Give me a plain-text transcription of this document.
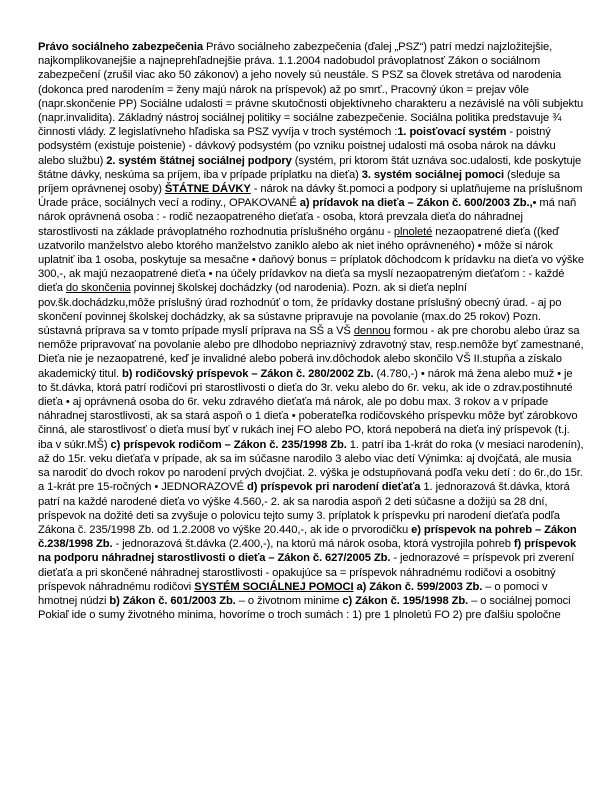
Právo sociálneho zabezpečenia Právo sociálneho zabezpečenia (ďalej „PSZ“) patrí medzi najzložitejšie, najkomplikovanejšie a najneprehľadnejšie práva. 1.1.2004 nadobudol právoplatnosť Zákon o sociálnom zabezpečení (zrušil viac ako 50 zákonov) a jeho novely sú neustále. S PSZ sa človek stretáva od narodenia (dokonca pred narodením = ženy majú nárok na príspevok) až po smrť., Pracovný úkon = prejav vôle (napr.skončenie PP) Sociálne udalosti = právne skutočnosti objektívneho charakteru a nezávislé na vôli subjektu (napr.invalidita). Základný nástroj sociálnej politiky = sociálne zabezpečenie. Sociálna politika predstavuje ¾ činnosti vlády. Z legislatívneho hľadiska sa PSZ vyvíja v troch systémoch :1. poisťovací systém - poistný podsystém (existuje poistenie) - dávkový podsystém (po vzniku poistnej udalosti má osoba nárok na dávku alebo službu) 2. systém štátnej sociálnej podpory (systém, pri ktorom štát uznáva soc.udalosti, kde poskytuje štátne dávky, neskúma sa príjem, iba v prípade príplatku na dieťa) 3. systém sociálnej pomoci (sleduje sa príjem oprávnenej osoby) ŠTÁTNE DÁVKY - nárok na dávky št.pomoci a podpory si uplatňujeme na príslušnom Úrade práce, sociálnych vecí a rodiny., OPAKOVANÉ a) prídavok na dieťa – Zákon č. 600/2003 Zb.,• má naň nárok oprávnená osoba : - rodič nezaopatreného dieťaťa - osoba, ktorá prevzala dieťa do náhradnej starostlivosti na základe právoplatného rozhodnutia príslušného orgánu - plnoleté nezaopatrené dieťa ((keď uzatvorilo manželstvo alebo ktorého manželstvo zaniklo alebo ak niet iného oprávneného) • môže si nárok uplatniť iba 1 osoba, poskytuje sa mesačne • daňový bonus = príplatok dôchodcom k prídavku na dieťa vo výške 300,-, ak majú nezaopatrené dieťa • na účely prídavkov na dieťa sa myslí nezaopatreným dieťaťom : - každé dieťa do skončenia povinnej školskej dochádzky (od narodenia). Pozn. ak si dieťa neplní pov.šk.dochádzku,môže príslušný úrad rozhodnúť o tom, že prídavky dostane príslušný obecný úrad. - aj po skončení povinnej školskej dochádzky, ak sa sústavne pripravuje na povolanie (max.do 25 rokov) Pozn. sústavná príprava sa v tomto prípade myslí príprava na SŠ a VŠ dennou formou - ak pre chorobu alebo úraz sa nemôže pripravovať na povolanie alebo pre dlhodobo nepriaznivý zdravotný stav, resp.nemôže byť zamestnané, Dieťa nie je nezaopatrené, keď je invalidné alebo poberá inv.dôchodok alebo skončilo VŠ II.stupňa a získalo akademický titul. b) rodičovský príspevok – Zákon č. 280/2002 Zb. (4.780,-) • nárok má žena alebo muž • je to št.dávka, ktorá patrí rodičovi pri starostlivosti o dieťa do 3r. veku alebo do 6r. veku, ak ide o zdrav.postihnuté dieťa • aj oprávnená osoba do 6r. veku zdravého dieťaťa má nárok, ale po dobu max. 3 rokov a v prípade náhradnej starostlivosti, ak sa stará aspoň o 1 dieťa • poberateľka rodičovského príspevku môže byť zárobkovo činná, ale starostlivosť o dieťa musí byť v rukách inej FO alebo PO, ktorá nepoberá na dieťa iný príspevok (t.j. iba v súkr.MŠ) c) príspevok rodičom – Zákon č. 235/1998 Zb. 1. patrí iba 1-krát do roka (v mesiaci narodenín), až do 15r. veku dieťaťa v prípade, ak sa im súčasne narodilo 3 alebo viac detí Výnimka: aj dvojčatá, ale musia sa narodiť do dvoch rokov po narodení prvých dvojčiat. 2. výška je odstupňovaná podľa veku detí : do 6r.,do 15r. a 1-krát pre 15-ročných • JEDNORAZOVÉ d) príspevok pri narodení dieťaťa 1. jednorazová št.dávka, ktorá patrí na každé narodené dieťa vo výške 4.560,- 2. ak sa narodia aspoň 2 deti súčasne a dožijú sa 28 dní, príspevok na dožité deti sa zvyšuje o polovicu tejto sumy 3. príplatok k príspevku pri narodení dieťaťa podľa Zákona č. 235/1998 Zb. od 1.2.2008 vo výške 20.440,-, ak ide o prvorodičku e) príspevok na pohreb – Zákon č.238/1998 Zb. - jednorazová št.dávka (2.400,-), na ktorú má nárok osoba, ktorá vystrojila pohreb f) príspevok na podporu náhradnej starostlivosti o dieťa – Zákon č. 627/2005 Zb. - jednorazové = príspevok pri zverení dieťaťa a pri skončené náhradnej starostlivosti - opakujúce sa = príspevok náhradnému rodičovi a osobitný príspevok náhradnému rodičovi SYSTÉM SOCIÁLNEJ POMOCI a) Zákon č. 599/2003 Zb. – o pomoci v hmotnej núdzi b) Zákon č. 601/2003 Zb. – o životnom minime c) Zákon č. 195/1998 Zb. – o sociálnej pomoci Pokiaľ ide o sumy životného minima, hovoríme o troch sumách : 1) pre 1 plnoletú FO 2) pre ďalšiu spoločne
